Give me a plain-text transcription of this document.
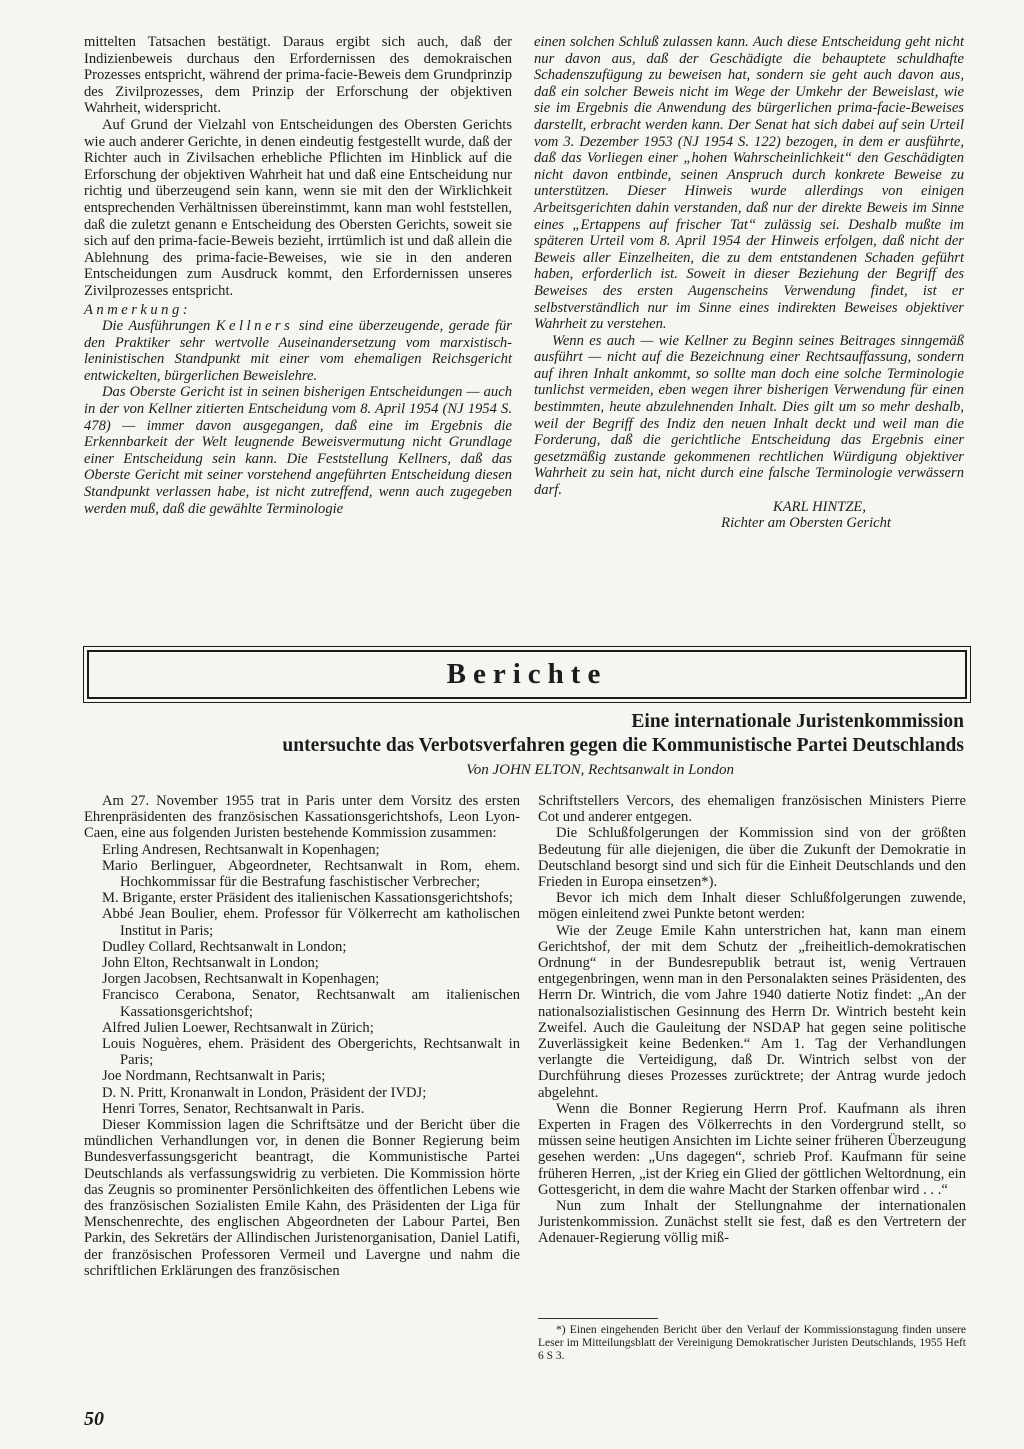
mittelten Tatsachen bestätigt. Daraus ergibt sich auch, daß der Indizienbeweis durchaus den Erfordernissen des demokraischen Prozesses entspricht, während der prima-facie-Beweis dem Grundprinzip des Zivilprozesses, dem Prinzip der Erforschung der objektiven Wahrheit, widerspricht.

Auf Grund der Vielzahl von Entscheidungen des Obersten Gerichts wie auch anderer Gerichte, in denen eindeutig festgestellt wurde, daß der Richter auch in Zivilsachen erhebliche Pflichten im Hinblick auf die Erforschung der objektiven Wahrheit hat und daß eine Entscheidung nur richtig und überzeugend sein kann, wenn sie mit den der Wirklichkeit entsprechenden Verhältnissen übereinstimmt, kann man wohl feststellen, daß die zuletzt genann e Entscheidung des Obersten Gerichts, soweit sie sich auf den prima-facie-Beweis bezieht, irrtümlich ist und daß allein die Ablehnung des prima-facie-Beweises, wie sie in den anderen Entscheidungen zum Ausdruck kommt, den Erfordernissen unseres Zivilprozesses entspricht.

Anmerkung:

Die Ausführungen Kellners sind eine überzeugende, gerade für den Praktiker sehr wertvolle Auseinandersetzung vom marxistisch-leninistischen Standpunkt mit einer vom ehemaligen Reichsgericht entwickelten, bürgerlichen Beweislehre.

Das Oberste Gericht ist in seinen bisherigen Entscheidungen — auch in der von Kellner zitierten Entscheidung vom 8. April 1954 (NJ 1954 S. 478) — immer davon ausgegangen, daß eine im Ergebnis die Erkennbarkeit der Welt leugnende Beweisvermutung nicht Grundlage einer Entscheidung sein kann. Die Feststellung Kellners, daß das Oberste Gericht mit seiner vorstehend angeführten Entscheidung diesen Standpunkt verlassen habe, ist nicht zutreffend, wenn auch zugegeben werden muß, daß die gewählte Terminologie

einen solchen Schluß zulassen kann. Auch diese Entscheidung geht nicht nur davon aus, daß der Geschädigte die behauptete schuldhafte Schadenszufügung zu beweisen hat, sondern sie geht auch davon aus, daß ein solcher Beweis nicht im Wege der Umkehr der Beweislast, wie sie im Ergebnis die Anwendung des bürgerlichen prima-facie-Beweises darstellt, erbracht werden kann. Der Senat hat sich dabei auf sein Urteil vom 3. Dezember 1953 (NJ 1954 S. 122) bezogen, in dem er ausführte, daß das Vorliegen einer „hohen Wahrscheinlichkeit“ den Geschädigten nicht davon entbinde, seinen Anspruch durch konkrete Beweise zu unterstützen. Dieser Hinweis wurde allerdings von einigen Arbeitsgerichten dahin verstanden, daß nur der direkte Beweis im Sinne eines „Ertappens auf frischer Tat“ zulässig sei. Deshalb mußte im späteren Urteil vom 8. April 1954 der Hinweis erfolgen, daß nicht der Beweis aller Einzelheiten, die zu dem entstandenen Schaden geführt haben, erforderlich ist. Soweit in dieser Beziehung der Begriff des Beweises des ersten Augenscheins Verwendung findet, ist er selbstverständlich nur im Sinne eines indirekten Beweises objektiver Wahrheit zu verstehen.

Wenn es auch — wie Kellner zu Beginn seines Beitrages sinngemäß ausführt — nicht auf die Bezeichnung einer Rechtsauffassung, sondern auf ihren Inhalt ankommt, so sollte man doch eine solche Terminologie tunlichst vermeiden, eben wegen ihrer bisherigen Verwendung für einen bestimmten, heute abzulehnenden Inhalt. Dies gilt um so mehr deshalb, weil der Begriff des Indiz den neuen Inhalt deckt und weil man die Forderung, daß die gerichtliche Entscheidung das Ergebnis einer gesetzmäßig zustande gekommenen rechtlichen Würdigung objektiver Wahrheit zu sein hat, nicht durch eine falsche Terminologie verwässern darf.

KARL HINTZE,

Richter am Obersten Gericht

Berichte
Eine internationale Juristenkommission
untersuchte das Verbotsverfahren gegen die Kommunistische Partei Deutschlands

Von JOHN ELTON, Rechtsanwalt in London

Am 27. November 1955 trat in Paris unter dem Vorsitz des ersten Ehrenpräsidenten des französischen Kassationsgerichtshofs, Leon Lyon-Caen, eine aus folgenden Juristen bestehende Kommission zusammen:

Erling Andresen, Rechtsanwalt in Kopenhagen;
Mario Berlinguer, Abgeordneter, Rechtsanwalt in Rom, ehem. Hochkommissar für die Bestrafung faschistischer Verbrecher;
M. Brigante, erster Präsident des italienischen Kassationsgerichtshofs;
Abbé Jean Boulier, ehem. Professor für Völkerrecht am katholischen Institut in Paris;
Dudley Collard, Rechtsanwalt in London;
John Elton, Rechtsanwalt in London;
Jorgen Jacobsen, Rechtsanwalt in Kopenhagen;
Francisco Cerabona, Senator, Rechtsanwalt am italienischen Kassationsgerichtshof;
Alfred Julien Loewer, Rechtsanwalt in Zürich;
Louis Noguères, ehem. Präsident des Obergerichts, Rechtsanwalt in Paris;
Joe Nordmann, Rechtsanwalt in Paris;
D. N. Pritt, Kronanwalt in London, Präsident der IVDJ;
Henri Torres, Senator, Rechtsanwalt in Paris.

Dieser Kommission lagen die Schriftsätze und der Bericht über die mündlichen Verhandlungen vor, in denen die Bonner Regierung beim Bundesverfassungsgericht beantragt, die Kommunistische Partei Deutschlands als verfassungswidrig zu verbieten. Die Kommission hörte das Zeugnis so prominenter Persönlichkeiten des öffentlichen Lebens wie des französischen Sozialisten Emile Kahn, des Präsidenten der Liga für Menschenrechte, des englischen Abgeordneten der Labour Partei, Ben Parkin, des Sekretärs der Allindischen Juristenorganisation, Daniel Latifi, der französischen Professoren Vermeil und Lavergne und nahm die schriftlichen Erklärungen des französischen

Schriftstellers Vercors, des ehemaligen französischen Ministers Pierre Cot und anderer entgegen.

Die Schlußfolgerungen der Kommission sind von der größten Bedeutung für alle diejenigen, die über die Zukunft der Demokratie in Deutschland besorgt sind und sich für die Einheit Deutschlands und den Frieden in Europa einsetzen*).

Bevor ich mich dem Inhalt dieser Schlußfolgerungen zuwende, mögen einleitend zwei Punkte betont werden:

Wie der Zeuge Emile Kahn unterstrichen hat, kann man einem Gerichtshof, der mit dem Schutz der „freiheitlich-demokratischen Ordnung“ in der Bundesrepublik betraut ist, wenig Vertrauen entgegenbringen, wenn man in den Personalakten seines Präsidenten, des Herrn Dr. Wintrich, die vom Jahre 1940 datierte Notiz findet: „An der nationalsozialistischen Gesinnung des Herrn Dr. Wintrich besteht kein Zweifel. Auch die Gauleitung der NSDAP hat gegen seine politische Zuverlässigkeit keine Bedenken.“ Am 1. Tag der Verhandlungen verlangte die Verteidigung, daß Dr. Wintrich selbst von der Durchführung dieses Prozesses zurücktrete; der Antrag wurde jedoch abgelehnt.

Wenn die Bonner Regierung Herrn Prof. Kaufmann als ihren Experten in Fragen des Völkerrechts in den Vordergrund stellt, so müssen seine heutigen Ansichten im Lichte seiner früheren Überzeugung gesehen werden: „Uns dagegen“, schrieb Prof. Kaufmann für seine früheren Herren, „ist der Krieg ein Glied der göttlichen Weltordnung, ein Gottesgericht, in dem die wahre Macht der Starken offenbar wird . . .“

Nun zum Inhalt der Stellungnahme der internationalen Juristenkommission. Zunächst stellt sie fest, daß es den Vertretern der Adenauer-Regierung völlig miß-

*) Einen eingehenden Bericht über den Verlauf der Kommissionstagung finden unsere Leser im Mitteilungsblatt der Vereinigung Demokratischer Juristen Deutschlands, 1955 Heft 6 S 3.

50
